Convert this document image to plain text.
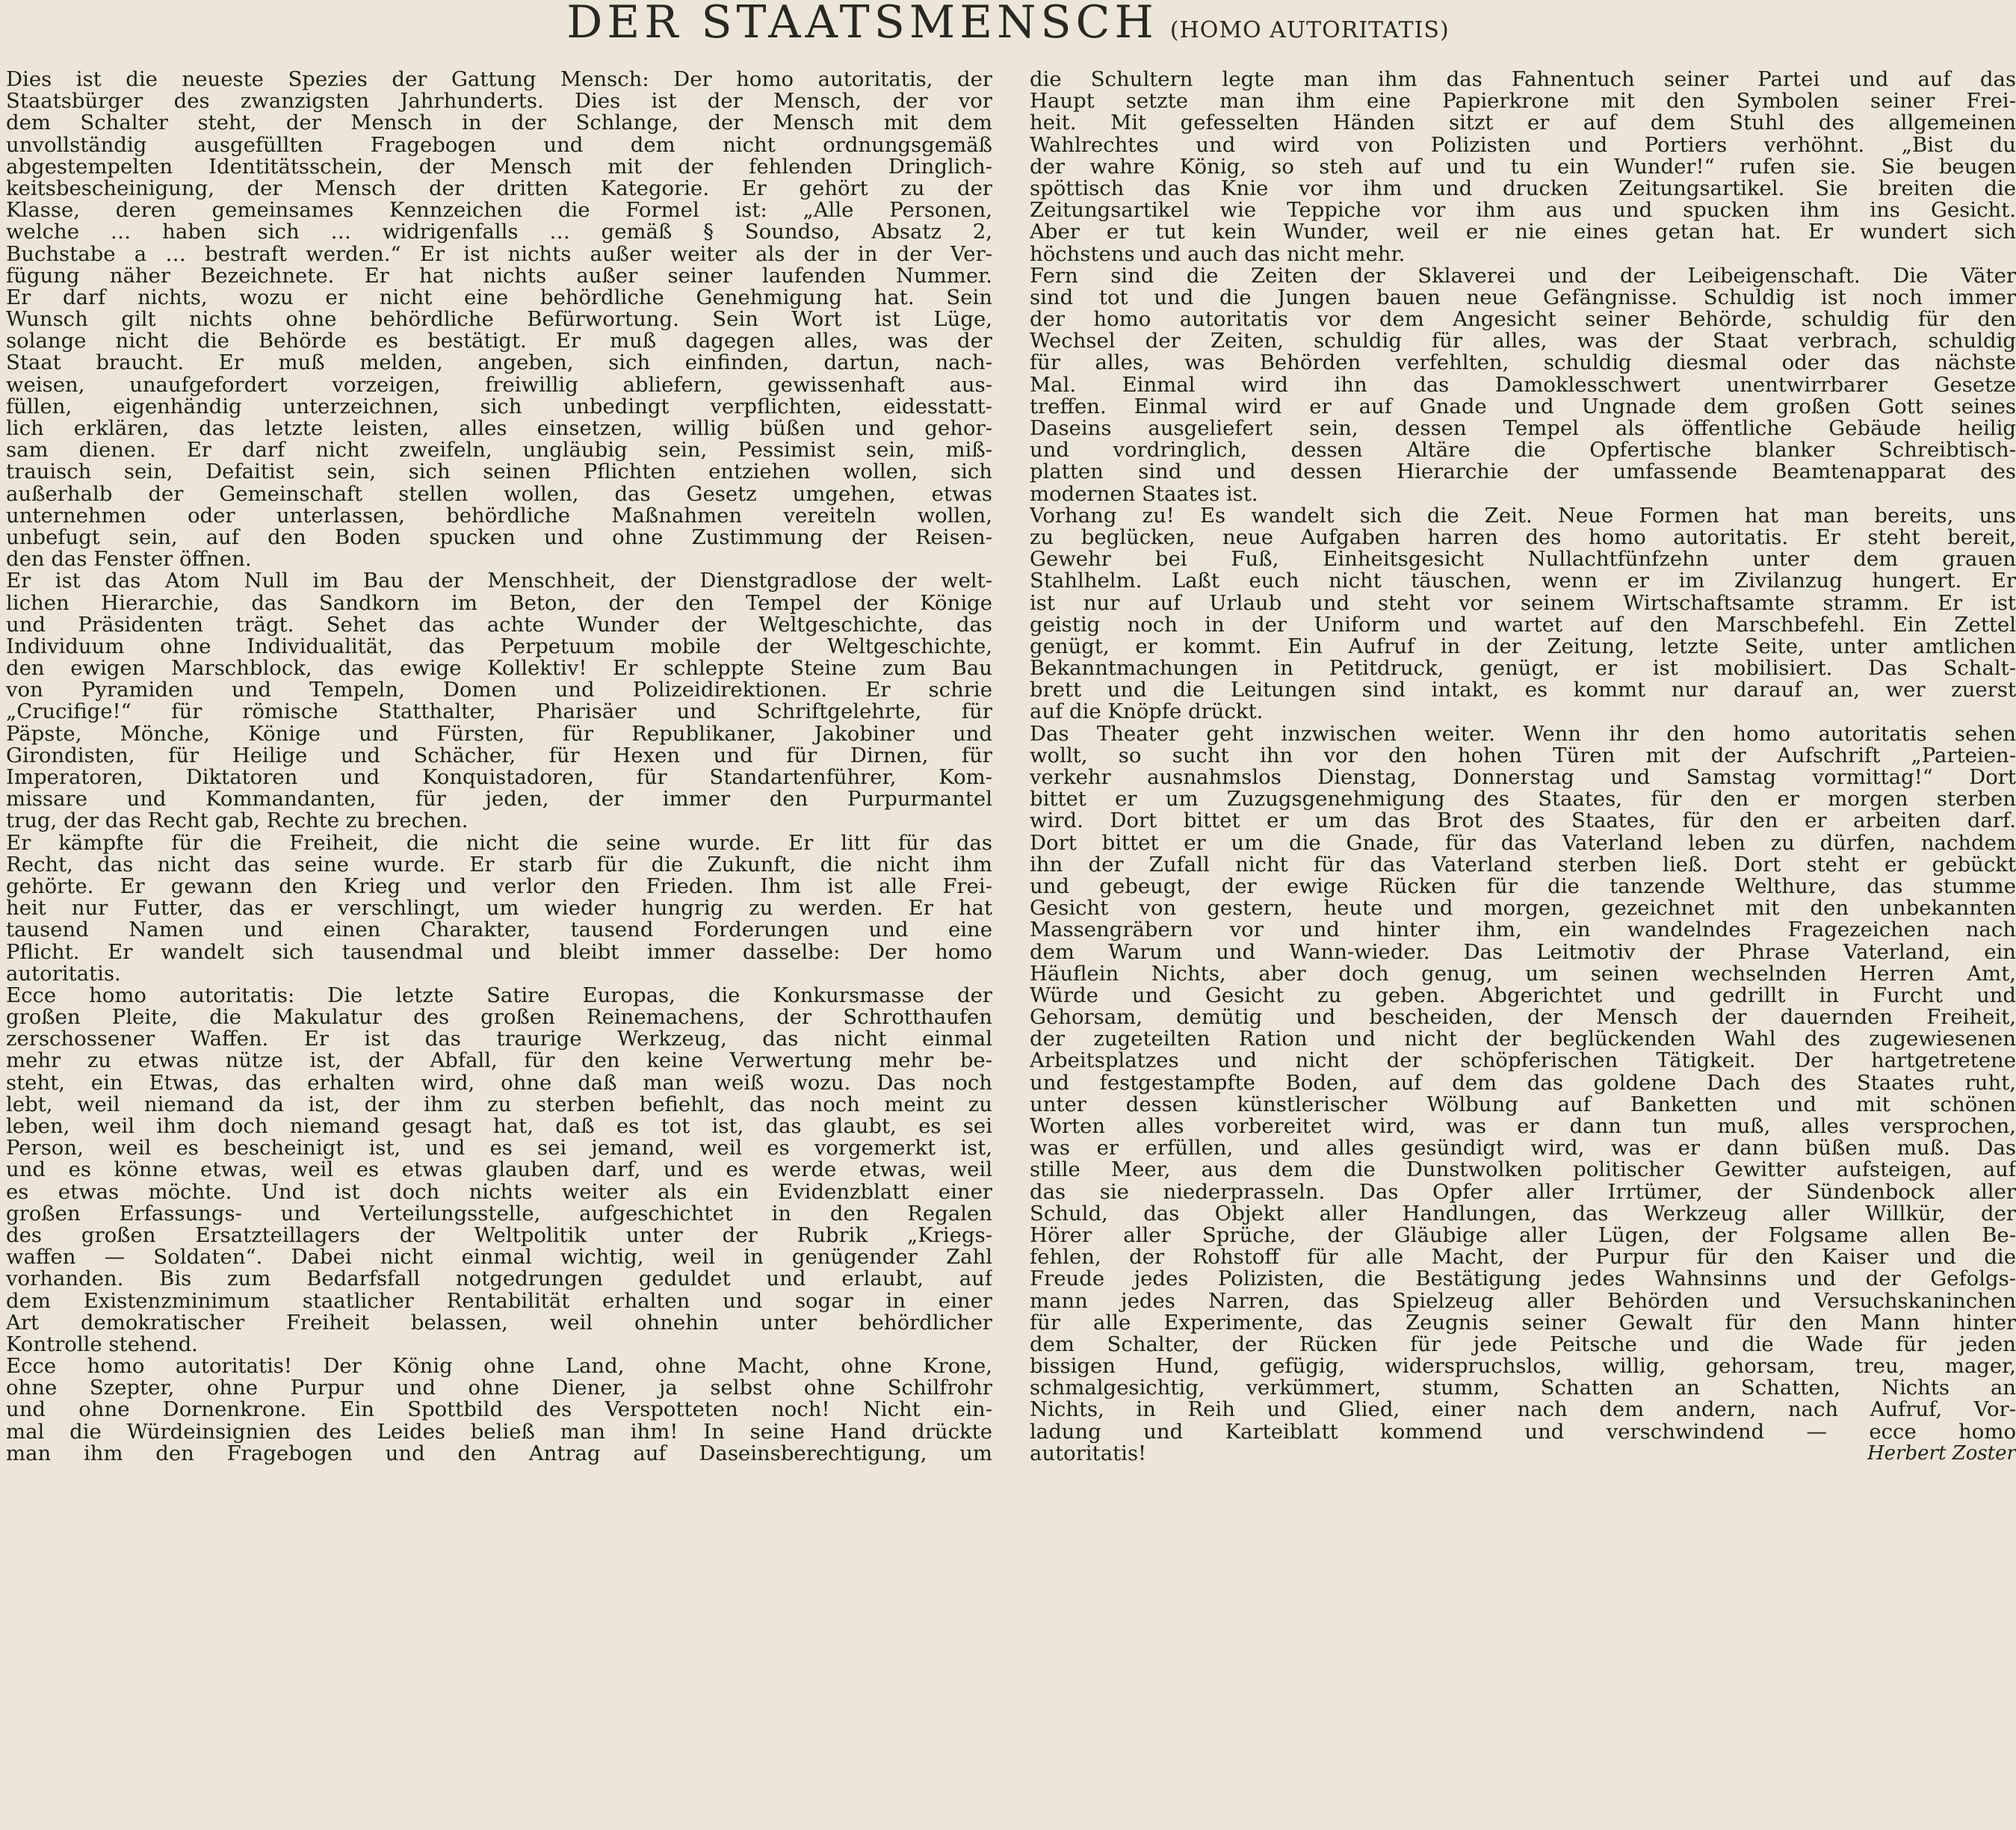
DER STAATSMENSCH (HOMO AUTORITATIS)
Dies ist die neueste Spezies der Gattung Mensch: Der homo autoritatis, der
Staatsbürger des zwanzigsten Jahrhunderts. Dies ist der Mensch, der vor
dem Schalter steht, der Mensch in der Schlange, der Mensch mit dem
unvollständig ausgefüllten Fragebogen und dem nicht ordnungsgemäß
abgestempelten Identitätsschein, der Mensch mit der fehlenden Dringlich-
keitsbescheinigung, der Mensch der dritten Kategorie. Er gehört zu der
Klasse, deren gemeinsames Kennzeichen die Formel ist: „Alle Personen,
welche … haben sich … widrigenfalls … gemäß § Soundso, Absatz 2,
Buchstabe a … bestraft werden.“ Er ist nichts außer weiter als der in der Ver-
fügung näher Bezeichnete. Er hat nichts außer seiner laufenden Nummer.
Er darf nichts, wozu er nicht eine behördliche Genehmigung hat. Sein
Wunsch gilt nichts ohne behördliche Befürwortung. Sein Wort ist Lüge,
solange nicht die Behörde es bestätigt. Er muß dagegen alles, was der
Staat braucht. Er muß melden, angeben, sich einfinden, dartun, nach-
weisen, unaufgefordert vorzeigen, freiwillig abliefern, gewissenhaft aus-
füllen, eigenhändig unterzeichnen, sich unbedingt verpflichten, eidesstatt-
lich erklären, das letzte leisten, alles einsetzen, willig büßen und gehor-
sam dienen. Er darf nicht zweifeln, ungläubig sein, Pessimist sein, miß-
trauisch sein, Defaitist sein, sich seinen Pflichten entziehen wollen, sich
außerhalb der Gemeinschaft stellen wollen, das Gesetz umgehen, etwas
unternehmen oder unterlassen, behördliche Maßnahmen vereiteln wollen,
unbefugt sein, auf den Boden spucken und ohne Zustimmung der Reisen-
den das Fenster öffnen.
Er ist das Atom Null im Bau der Menschheit, der Dienstgradlose der welt-
lichen Hierarchie, das Sandkorn im Beton, der den Tempel der Könige
und Präsidenten trägt. Sehet das achte Wunder der Weltgeschichte, das
Individuum ohne Individualität, das Perpetuum mobile der Weltgeschichte,
den ewigen Marschblock, das ewige Kollektiv! Er schleppte Steine zum Bau
von Pyramiden und Tempeln, Domen und Polizeidirektionen. Er schrie
„Crucifige!“ für römische Statthalter, Pharisäer und Schriftgelehrte, für
Päpste, Mönche, Könige und Fürsten, für Republikaner, Jakobiner und
Girondisten, für Heilige und Schächer, für Hexen und für Dirnen, für
Imperatoren, Diktatoren und Konquistadoren, für Standartenführer, Kom-
missare und Kommandanten, für jeden, der immer den Purpurmantel
trug, der das Recht gab, Rechte zu brechen.
Er kämpfte für die Freiheit, die nicht die seine wurde. Er litt für das
Recht, das nicht das seine wurde. Er starb für die Zukunft, die nicht ihm
gehörte. Er gewann den Krieg und verlor den Frieden. Ihm ist alle Frei-
heit nur Futter, das er verschlingt, um wieder hungrig zu werden. Er hat
tausend Namen und einen Charakter, tausend Forderungen und eine
Pflicht. Er wandelt sich tausendmal und bleibt immer dasselbe: Der homo
autoritatis.
Ecce homo autoritatis: Die letzte Satire Europas, die Konkursmasse der
großen Pleite, die Makulatur des großen Reinemachens, der Schrotthaufen
zerschossener Waffen. Er ist das traurige Werkzeug, das nicht einmal
mehr zu etwas nütze ist, der Abfall, für den keine Verwertung mehr be-
steht, ein Etwas, das erhalten wird, ohne daß man weiß wozu. Das noch
lebt, weil niemand da ist, der ihm zu sterben befiehlt, das noch meint zu
leben, weil ihm doch niemand gesagt hat, daß es tot ist, das glaubt, es sei
Person, weil es bescheinigt ist, und es sei jemand, weil es vorgemerkt ist,
und es könne etwas, weil es etwas glauben darf, und es werde etwas, weil
es etwas möchte. Und ist doch nichts weiter als ein Evidenzblatt einer
großen Erfassungs- und Verteilungsstelle, aufgeschichtet in den Regalen
des großen Ersatzteillagers der Weltpolitik unter der Rubrik „Kriegs-
waffen — Soldaten“. Dabei nicht einmal wichtig, weil in genügender Zahl
vorhanden. Bis zum Bedarfsfall notgedrungen geduldet und erlaubt, auf
dem Existenzminimum staatlicher Rentabilität erhalten und sogar in einer
Art demokratischer Freiheit belassen, weil ohnehin unter behördlicher
Kontrolle stehend.
Ecce homo autoritatis! Der König ohne Land, ohne Macht, ohne Krone,
ohne Szepter, ohne Purpur und ohne Diener, ja selbst ohne Schilfrohr
und ohne Dornenkrone. Ein Spottbild des Verspotteten noch! Nicht ein-
mal die Würdeinsignien des Leides beließ man ihm! In seine Hand drückte
man ihm den Fragebogen und den Antrag auf Daseinsberechtigung, um
die Schultern legte man ihm das Fahnentuch seiner Partei und auf das
Haupt setzte man ihm eine Papierkrone mit den Symbolen seiner Frei-
heit. Mit gefesselten Händen sitzt er auf dem Stuhl des allgemeinen
Wahlrechtes und wird von Polizisten und Portiers verhöhnt. „Bist du
der wahre König, so steh auf und tu ein Wunder!“ rufen sie. Sie beugen
spöttisch das Knie vor ihm und drucken Zeitungsartikel. Sie breiten die
Zeitungsartikel wie Teppiche vor ihm aus und spucken ihm ins Gesicht.
Aber er tut kein Wunder, weil er nie eines getan hat. Er wundert sich
höchstens und auch das nicht mehr.
Fern sind die Zeiten der Sklaverei und der Leibeigenschaft. Die Väter
sind tot und die Jungen bauen neue Gefängnisse. Schuldig ist noch immer
der homo autoritatis vor dem Angesicht seiner Behörde, schuldig für den
Wechsel der Zeiten, schuldig für alles, was der Staat verbrach, schuldig
für alles, was Behörden verfehlten, schuldig diesmal oder das nächste
Mal. Einmal wird ihn das Damoklesschwert unentwirrbarer Gesetze
treffen. Einmal wird er auf Gnade und Ungnade dem großen Gott seines
Daseins ausgeliefert sein, dessen Tempel als öffentliche Gebäude heilig
und vordringlich, dessen Altäre die Opfertische blanker Schreibtisch-
platten sind und dessen Hierarchie der umfassende Beamtenapparat des
modernen Staates ist.
Vorhang zu! Es wandelt sich die Zeit. Neue Formen hat man bereits, uns
zu beglücken, neue Aufgaben harren des homo autoritatis. Er steht bereit,
Gewehr bei Fuß, Einheitsgesicht Nullachtfünfzehn unter dem grauen
Stahlhelm. Laßt euch nicht täuschen, wenn er im Zivilanzug hungert. Er
ist nur auf Urlaub und steht vor seinem Wirtschaftsamte stramm. Er ist
geistig noch in der Uniform und wartet auf den Marschbefehl. Ein Zettel
genügt, er kommt. Ein Aufruf in der Zeitung, letzte Seite, unter amtlichen
Bekanntmachungen in Petitdruck, genügt, er ist mobilisiert. Das Schalt-
brett und die Leitungen sind intakt, es kommt nur darauf an, wer zuerst
auf die Knöpfe drückt.
Das Theater geht inzwischen weiter. Wenn ihr den homo autoritatis sehen
wollt, so sucht ihn vor den hohen Türen mit der Aufschrift „Parteien-
verkehr ausnahmslos Dienstag, Donnerstag und Samstag vormittag!“ Dort
bittet er um Zuzugsgenehmigung des Staates, für den er morgen sterben
wird. Dort bittet er um das Brot des Staates, für den er arbeiten darf.
Dort bittet er um die Gnade, für das Vaterland leben zu dürfen, nachdem
ihn der Zufall nicht für das Vaterland sterben ließ. Dort steht er gebückt
und gebeugt, der ewige Rücken für die tanzende Welthure, das stumme
Gesicht von gestern, heute und morgen, gezeichnet mit den unbekannten
Massengräbern vor und hinter ihm, ein wandelndes Fragezeichen nach
dem Warum und Wann-wieder. Das Leitmotiv der Phrase Vaterland, ein
Häuflein Nichts, aber doch genug, um seinen wechselnden Herren Amt,
Würde und Gesicht zu geben. Abgerichtet und gedrillt in Furcht und
Gehorsam, demütig und bescheiden, der Mensch der dauernden Freiheit,
der zugeteilten Ration und nicht der beglückenden Wahl des zugewiesenen
Arbeitsplatzes und nicht der schöpferischen Tätigkeit. Der hartgetretene
und festgestampfte Boden, auf dem das goldene Dach des Staates ruht,
unter dessen künstlerischer Wölbung auf Banketten und mit schönen
Worten alles vorbereitet wird, was er dann tun muß, alles versprochen,
was er erfüllen, und alles gesündigt wird, was er dann büßen muß. Das
stille Meer, aus dem die Dunstwolken politischer Gewitter aufsteigen, auf
das sie niederprasseln. Das Opfer aller Irrtümer, der Sündenbock aller
Schuld, das Objekt aller Handlungen, das Werkzeug aller Willkür, der
Hörer aller Sprüche, der Gläubige aller Lügen, der Folgsame allen Be-
fehlen, der Rohstoff für alle Macht, der Purpur für den Kaiser und die
Freude jedes Polizisten, die Bestätigung jedes Wahnsinns und der Gefolgs-
mann jedes Narren, das Spielzeug aller Behörden und Versuchskaninchen
für alle Experimente, das Zeugnis seiner Gewalt für den Mann hinter
dem Schalter, der Rücken für jede Peitsche und die Wade für jeden
bissigen Hund, gefügig, widerspruchslos, willig, gehorsam, treu, mager,
schmalgesichtig, verkümmert, stumm, Schatten an Schatten, Nichts an
Nichts, in Reih und Glied, einer nach dem andern, nach Aufruf, Vor-
ladung und Karteiblatt kommend und verschwindend — ecce homo
autoritatis!	Herbert Zoster
